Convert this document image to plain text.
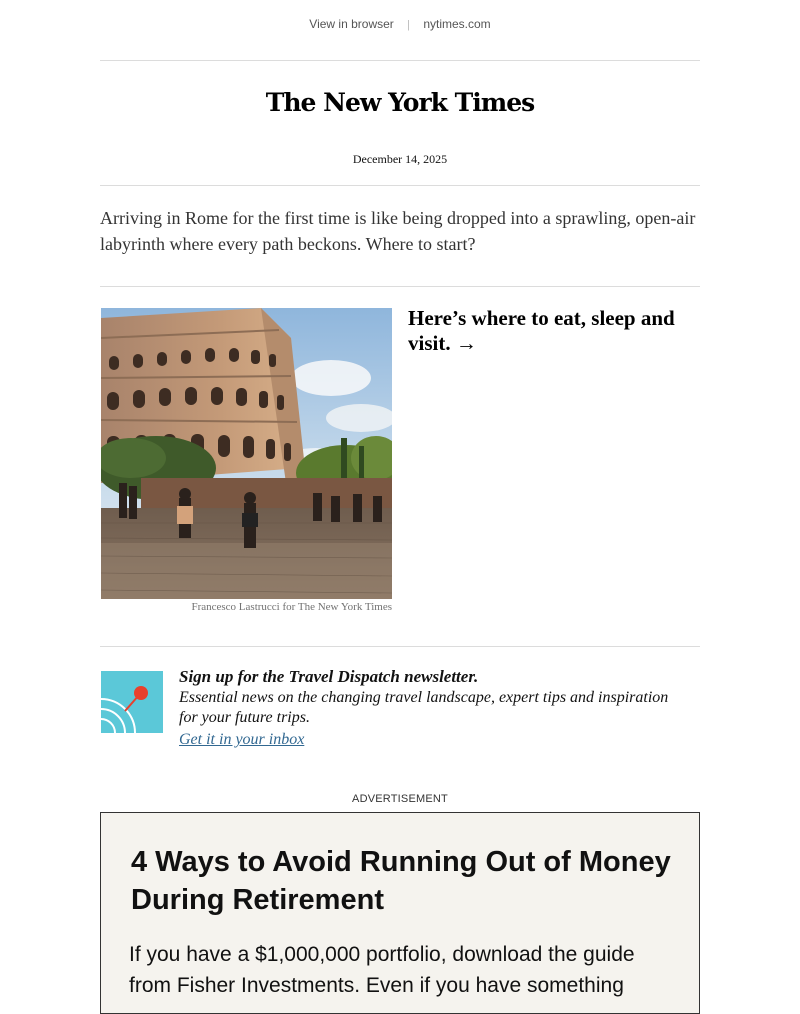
View in browser | nytimes.com
The New York Times
December 14, 2025
Arriving in Rome for the first time is like being dropped into a sprawling, open-air labyrinth where every path beckons. Where to start?
Francesco Lastrucci for The New York Times
Here’s where to eat, sleep and visit. →
Sign up for the Travel Dispatch newsletter.
Essential news on the changing travel landscape, expert tips and inspiration for your future trips.
Get it in your inbox
ADVERTISEMENT
4 Ways to Avoid Running Out of Money During Retirement
If you have a $1,000,000 portfolio, download the guide from Fisher Investments. Even if you have something
